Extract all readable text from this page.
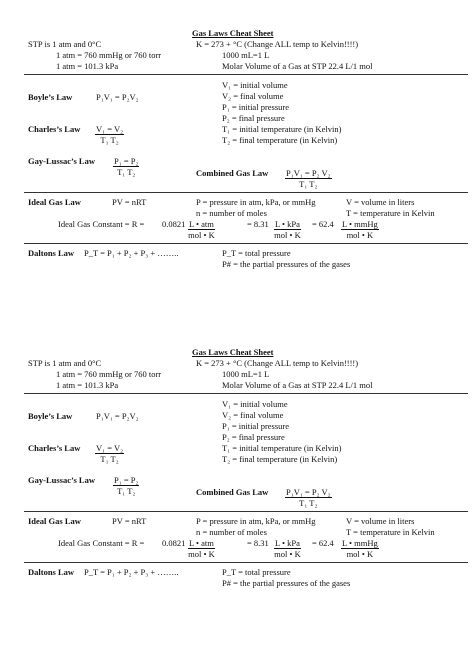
Gas Laws Cheat Sheet
STP is 1 atm and 0°C
1 atm = 760 mmHg or 760 torr
1 atm = 101.3 kPa
K = 273 + °C (Change ALL temp to Kelvin!!!!)
1000 mL=1 L
Molar Volume of a Gas at STP 22.4 L/1 mol
V₁ = initial volume
V₂ = final volume
P₁ = initial pressure
P₂ = final pressure
T₁ = initial temperature (in Kelvin)
T₂ = final temperature (in Kelvin)
Boyle’s Law	P₁V₁ = P₂V₂
Charles’s Law $\frac{\text{V₁ = V₂}}{\text{T₁ T₂}}$
Gay-Lussac’s Law $\frac{\text{P₁ = P₂}}{\text{T₁ T₂}}$	Combined Gas Law $\frac{\text{P₁V₁ = P₂ V₂}}{\text{T₁ T₂}}$
Ideal Gas Law	PV = nRT	P = pressure in atm, kPa, or mmHg
n = number of moles
V = volume in liters
T = temperature in Kelvin
Ideal Gas Constant = R = 0.0821 L • atm
mol • K
= 8.31 L • kPa
mol • K
= 62.4 L • mmHg
mol • K
Daltons Law P_T = P₁ + P₂ + P₃ + ……..	P_T = total pressure
P# = the partial pressures of the gases
Gas Laws Cheat Sheet
STP is 1 atm and 0°C
1 atm = 760 mmHg or 760 torr
1 atm = 101.3 kPa
K = 273 + °C (Change ALL temp to Kelvin!!!!)
1000 mL=1 L
Molar Volume of a Gas at STP 22.4 L/1 mol
V₁ = initial volume
V₂ = final volume
P₁ = initial pressure
P₂ = final pressure
T₁ = initial temperature (in Kelvin)
T₂ = final temperature (in Kelvin)
Boyle’s Law	P₁V₁ = P₂V₂
Charles’s Law $\frac{\text{V₁ = V₂}}{\text{T₁ T₂}}$
Gay-Lussac’s Law $\frac{\text{P₁ = P₂}}{\text{T₁ T₂}}$	Combined Gas Law $\frac{\text{P₁V₁ = P₂ V₂}}{\text{T₁ T₂}}$
Ideal Gas Law	PV = nRT	P = pressure in atm, kPa, or mmHg
n = number of moles
V = volume in liters
T = temperature in Kelvin
Ideal Gas Constant = R = 0.0821 L • atm
mol • K
= 8.31 L • kPa
mol • K
= 62.4 L • mmHg
mol • K
Daltons Law P_T = P₁ + P₂ + P₃ + ……..	P_T = total pressure
P# = the partial pressures of the gases
